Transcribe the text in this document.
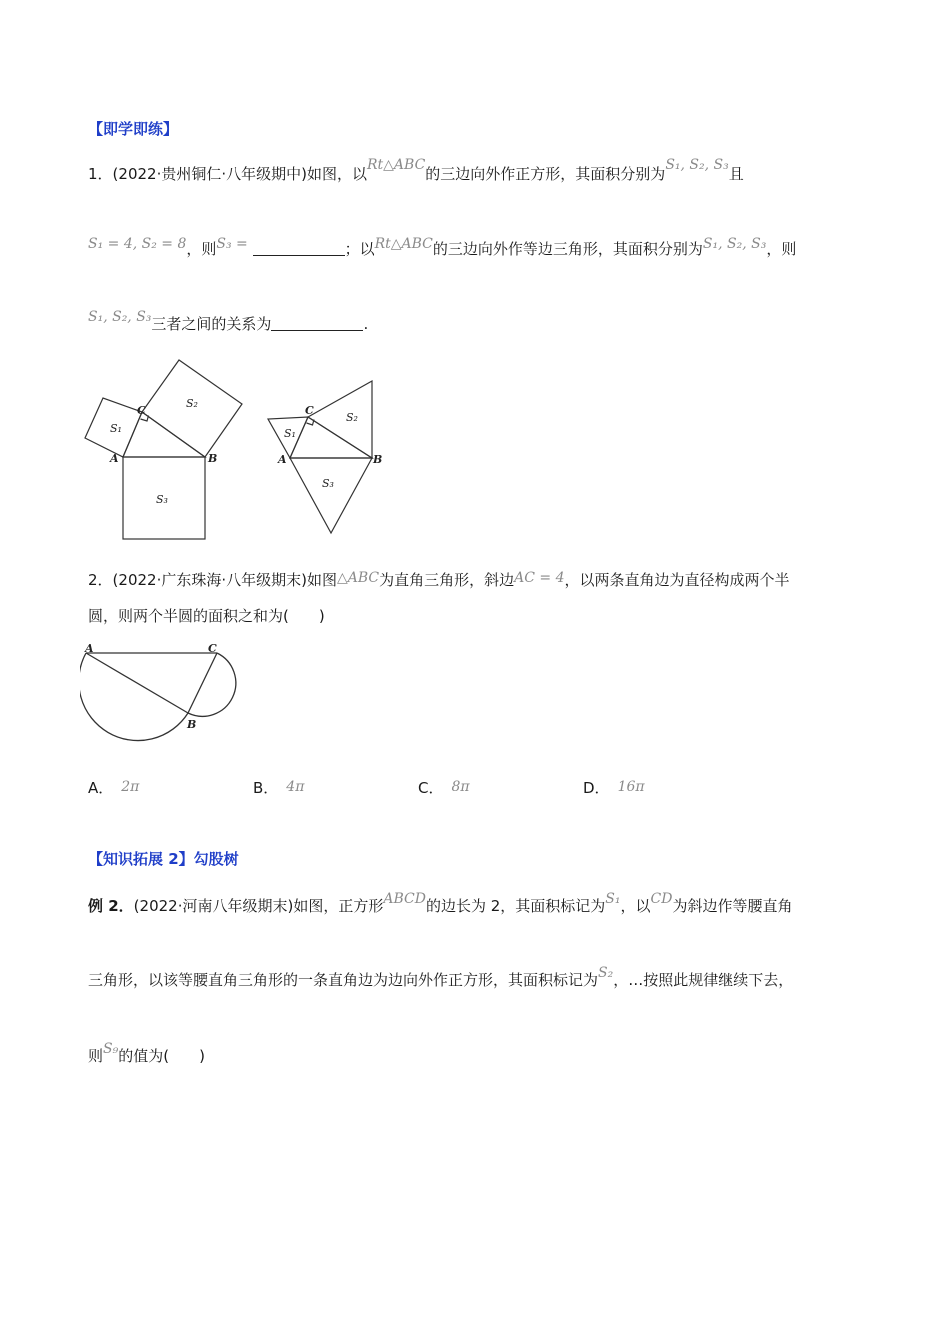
【即学即练】
1．(2022·贵州铜仁·八年级期中)如图，以Rt△ABC的三边向外作正方形，其面积分别为S₁, S₂, S₃且
S₁ = 4, S₂ = 8，则S₃ =	；以Rt△ABC的三边向外作等边三角形，其面积分别为S₁, S₂, S₃，则
S₁, S₂, S₃三者之间的关系为	.
C
A	B
S₁
S₂
S₃
C
A	B
S₁
S₂
S₃
2．(2022·广东珠海·八年级期末)如图△ABC为直角三角形，斜边AC = 4，以两条直角边为直径构成两个半
圆，则两个半圆的面积之和为(　　)
A
B
C
A． 2π	B． 4π	C． 8π	D． 16π
【知识拓展 2】勾股树
例 2．(2022·河南八年级期末)如图，正方形ABCD的边长为 2，其面积标记为S₁，以CD为斜边作等腰直角
三角形，以该等腰直角三角形的一条直角边为边向外作正方形，其面积标记为S₂，…按照此规律继续下去，
则S₉的值为(　　)
